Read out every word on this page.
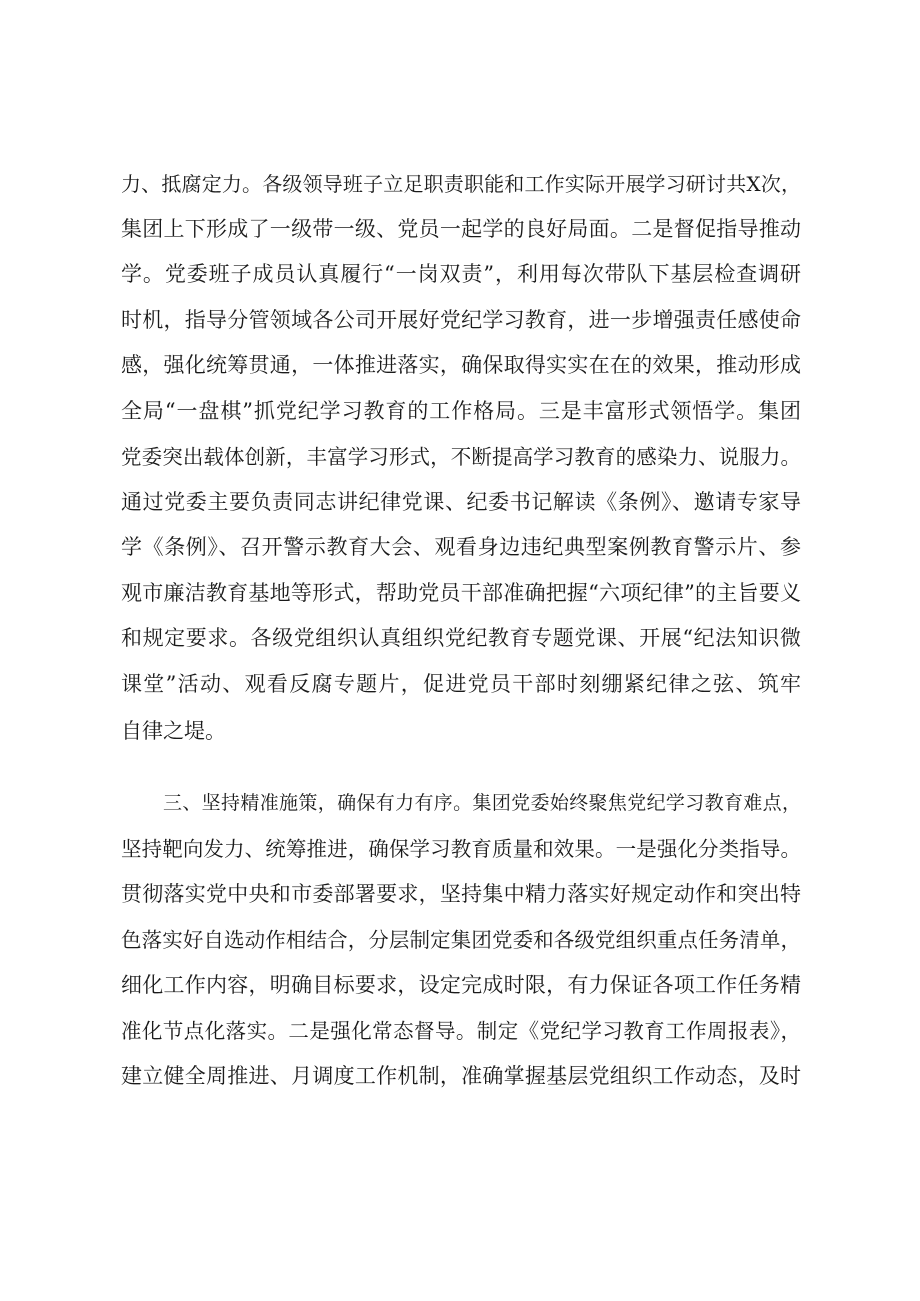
力、抵腐定力。各级领导班子立足职责职能和工作实际开展学习研讨共X次，
集团上下形成了一级带一级、党员一起学的良好局面。二是督促指导推动
学。党委班子成员认真履行“一岗双责”，利用每次带队下基层检查调研
时机，指导分管领域各公司开展好党纪学习教育，进一步增强责任感使命
感，强化统筹贯通，一体推进落实，确保取得实实在在的效果，推动形成
全局“一盘棋”抓党纪学习教育的工作格局。三是丰富形式领悟学。集团
党委突出载体创新，丰富学习形式，不断提高学习教育的感染力、说服力。
通过党委主要负责同志讲纪律党课、纪委书记解读《条例》、邀请专家导
学《条例》、召开警示教育大会、观看身边违纪典型案例教育警示片、参
观市廉洁教育基地等形式，帮助党员干部准确把握“六项纪律”的主旨要义
和规定要求。各级党组织认真组织党纪教育专题党课、开展“纪法知识微
课堂”活动、观看反腐专题片，促进党员干部时刻绷紧纪律之弦、筑牢
自律之堤。
三、坚持精准施策，确保有力有序。集团党委始终聚焦党纪学习教育难点，
坚持靶向发力、统筹推进，确保学习教育质量和效果。一是强化分类指导。
贯彻落实党中央和市委部署要求，坚持集中精力落实好规定动作和突出特
色落实好自选动作相结合，分层制定集团党委和各级党组织重点任务清单，
细化工作内容，明确目标要求，设定完成时限，有力保证各项工作任务精
准化节点化落实。二是强化常态督导。制定《党纪学习教育工作周报表》，
建立健全周推进、月调度工作机制，准确掌握基层党组织工作动态，及时
